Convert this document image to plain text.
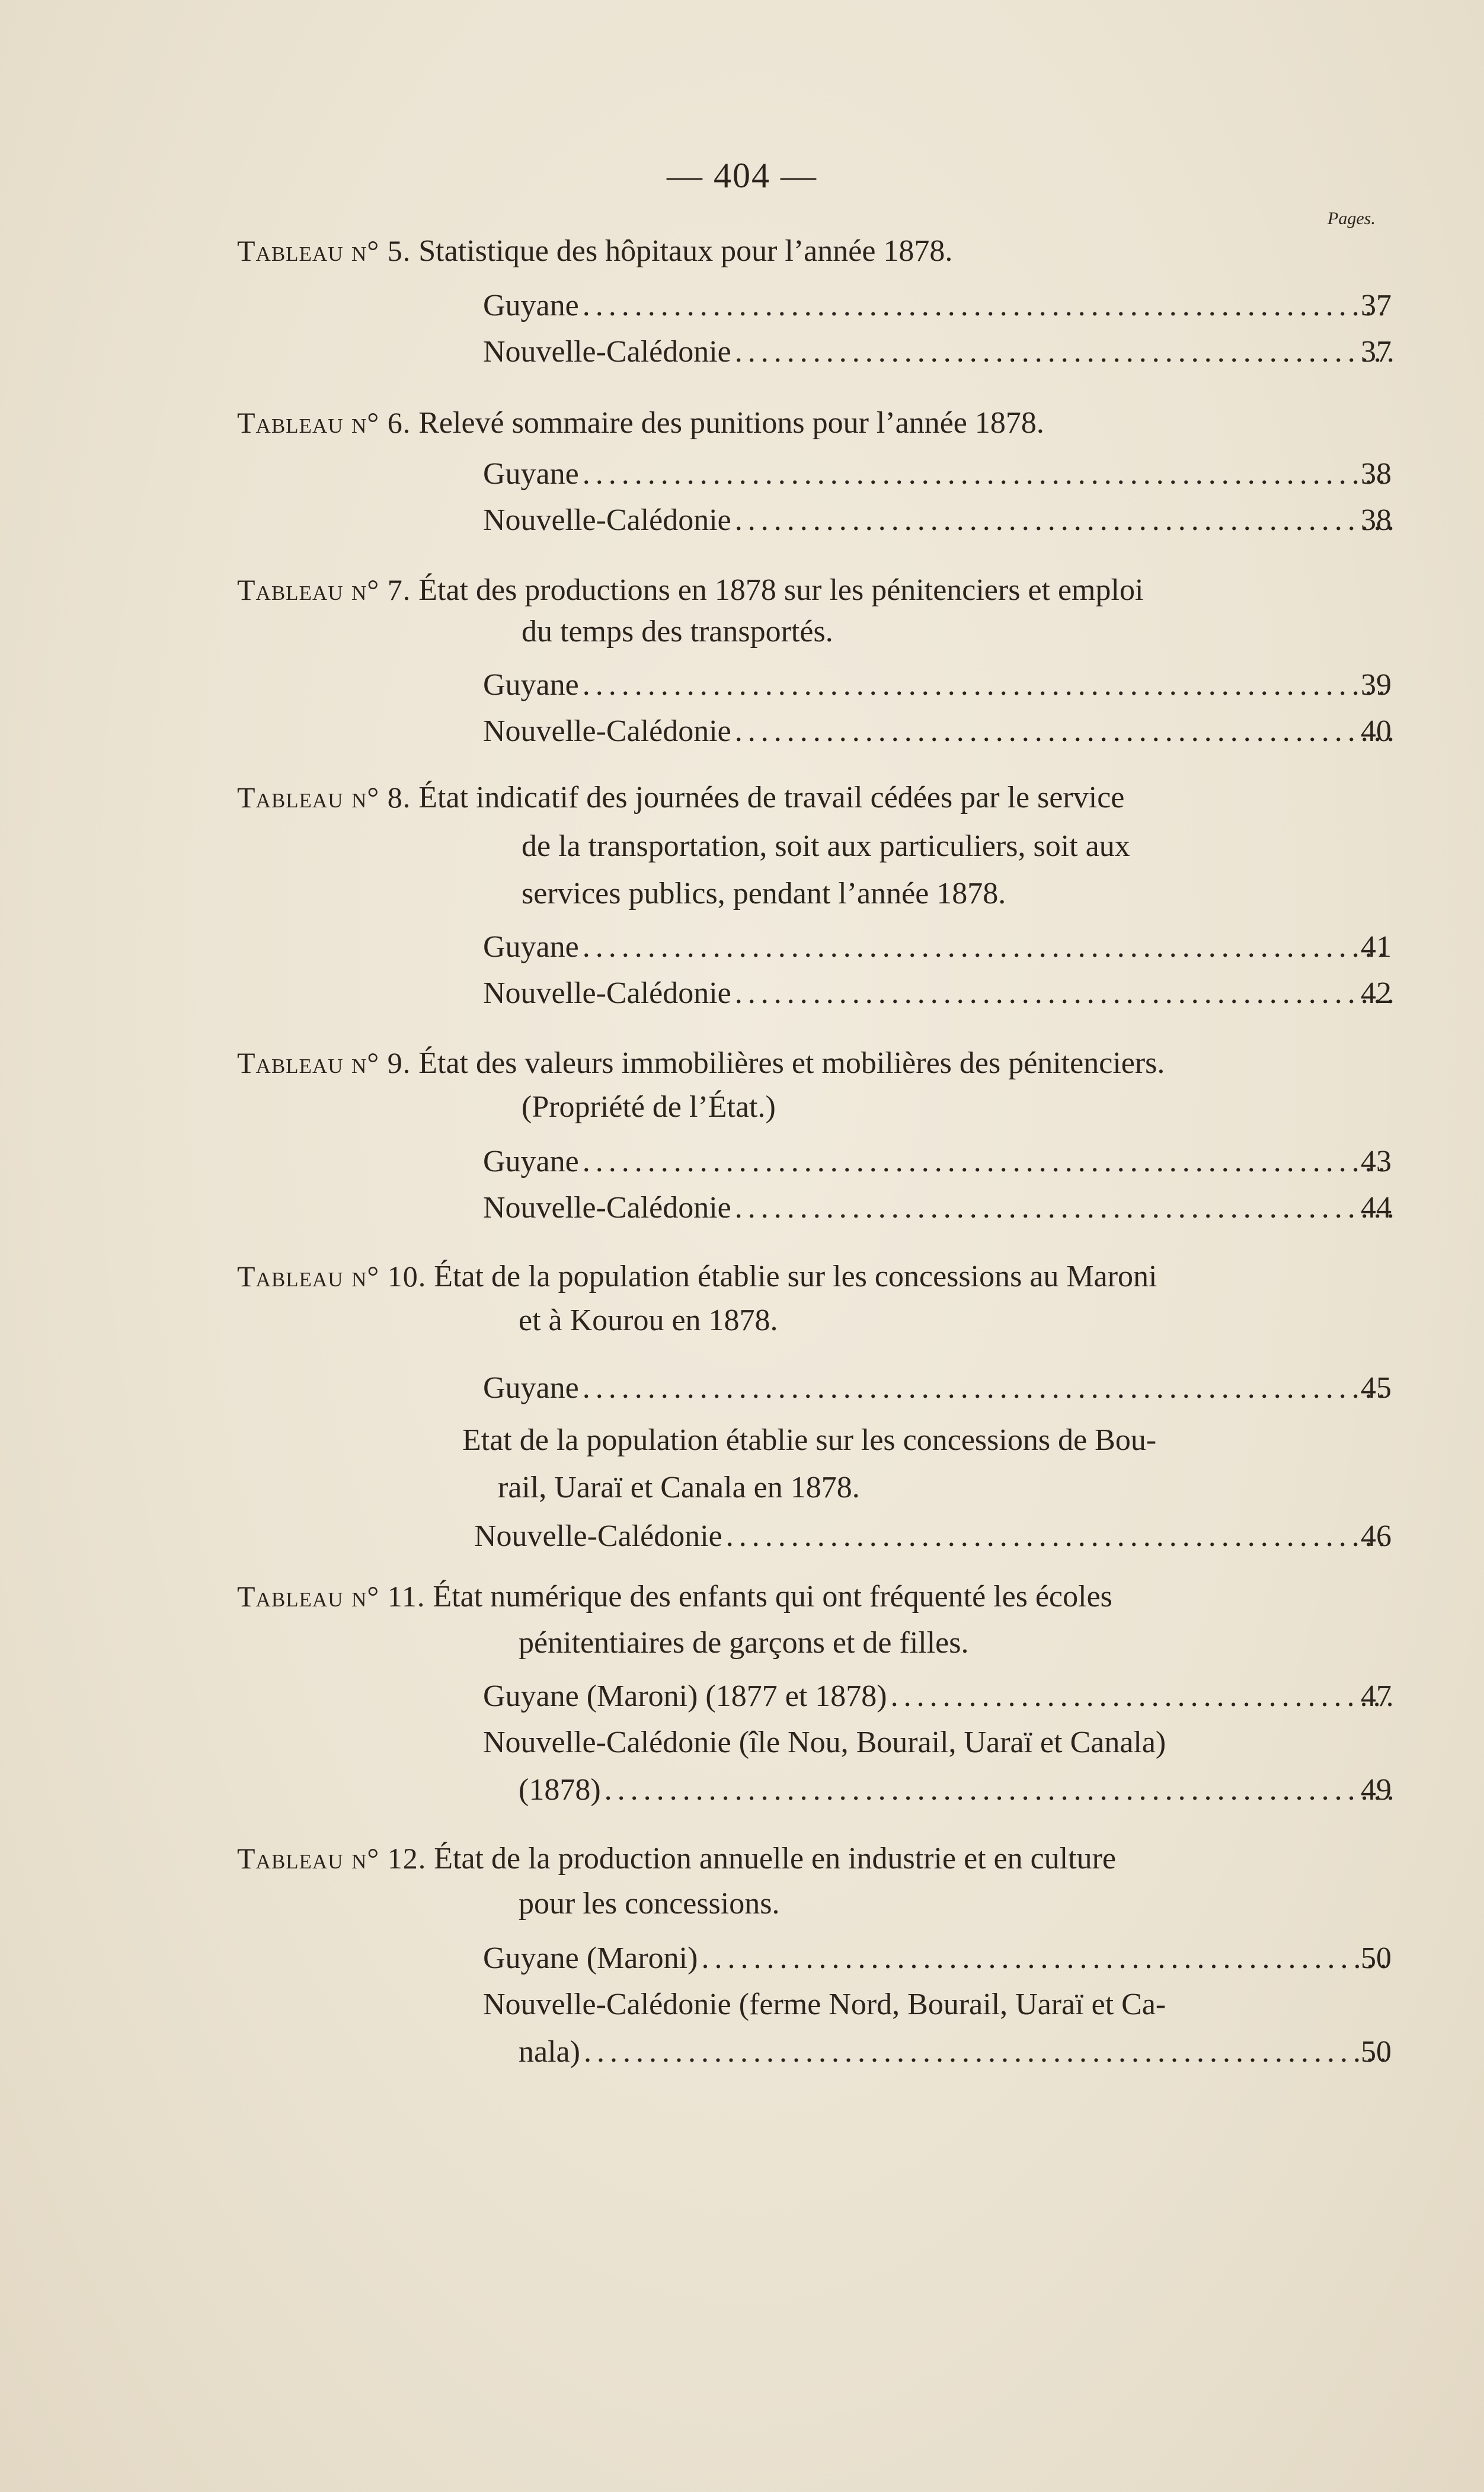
— 404 —
Pages.
Tableau n° 5. Statistique des hôpitaux pour l’année 1878.
Guyane .....	37
Nouvelle-Calédonie .....	37
Tableau n° 6. Relevé sommaire des punitions pour l’année 1878.
Guyane .....	38
Nouvelle-Calédonie .....	38
Tableau n° 7. État des productions en 1878 sur les pénitenciers et emploi
du temps des transportés.
Guyane .....	39
Nouvelle-Calédonie .....	40
Tableau n° 8. État indicatif des journées de travail cédées par le service
de la transportation, soit aux particuliers, soit aux
services publics, pendant l’année 1878.
Guyane .....	41
Nouvelle-Calédonie .....	42
Tableau n° 9. État des valeurs immobilières et mobilières des pénitenciers.
(Propriété de l’État.)
Guyane .....	43
Nouvelle-Calédonie .....	44
Tableau n° 10. État de la population établie sur les concessions au Maroni
et à Kourou en 1878.
Guyane .....	45
Etat de la population établie sur les concessions de Bou-
rail, Uaraï et Canala en 1878.
Nouvelle-Calédonie .....	46
Tableau n° 11. État numérique des enfants qui ont fréquenté les écoles
pénitentiaires de garçons et de filles.
Guyane (Maroni) (1877 et 1878) .....	47
Nouvelle-Calédonie (île Nou, Bourail, Uaraï et Canala)
(1878) .....	49
Tableau n° 12. État de la production annuelle en industrie et en culture
pour les concessions.
Guyane (Maroni) .....	50
Nouvelle-Calédonie (ferme Nord, Bourail, Uaraï et Ca-
nala) .....	50
